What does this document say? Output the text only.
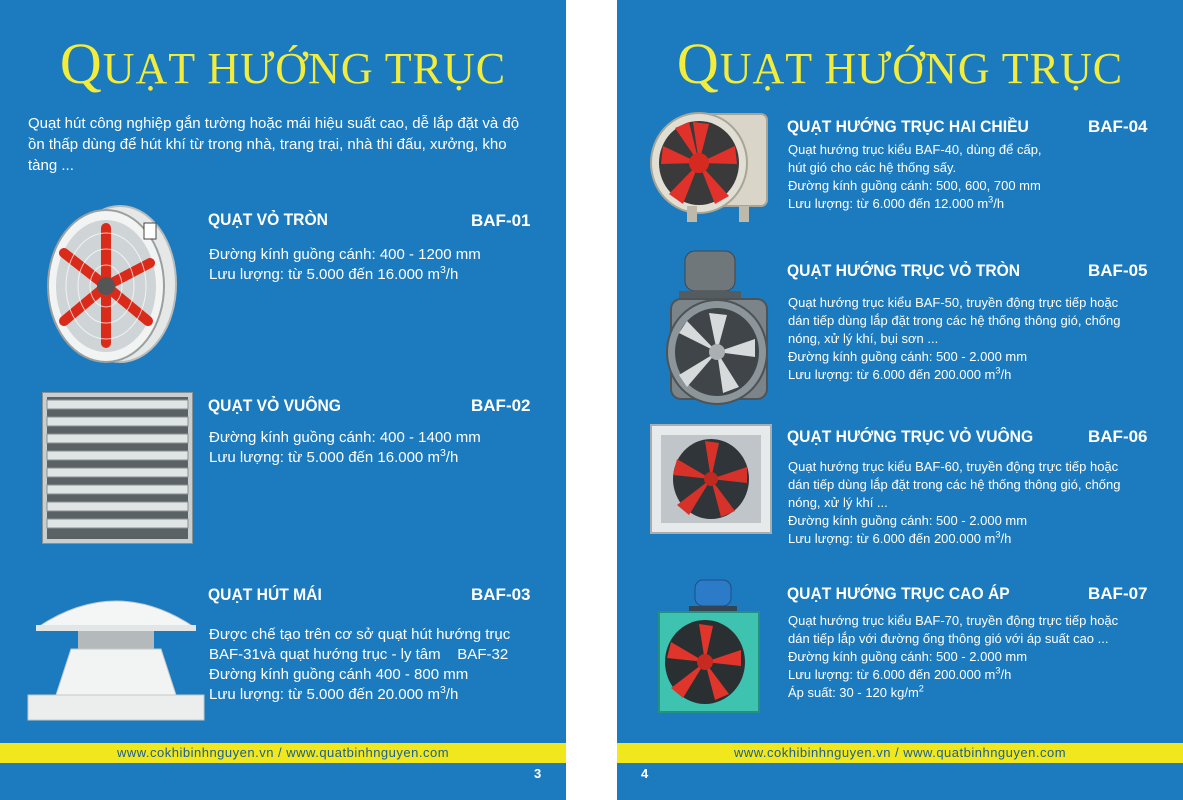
QUẠT HƯỚNG TRỤC
Quạt hút công nghiệp gắn tường hoặc mái hiệu suất cao, dễ lắp đặt và độ ồn thấp dùng để hút khí từ trong nhà, trang trại, nhà thi đấu, xưởng, kho tàng ...
QUẠT VỎ TRÒN	BAF-01
Đường kính guồng cánh: 400 - 1200 mm
Lưu lượng: từ 5.000 đến 16.000 $m^3/h$
QUẠT VỎ VUÔNG	BAF-02
Đường kính guồng cánh: 400 - 1400 mm
Lưu lượng: từ 5.000 đến 16.000 $m^3/h$
QUẠT HÚT MÁI	BAF-03
Được chế tạo trên cơ sở quạt hút hướng trục
BAF-31và quạt hướng trục - ly tâm    BAF-32
Đường kính guồng cánh 400 - 800 mm
Lưu lượng: từ 5.000 đến 20.000 $m^3/h$
www.cokhibinhnguyen.vn / www.quatbinhnguyen.com
3
QUẠT HƯỚNG TRỤC
QUẠT HƯỚNG TRỤC HAI CHIỀU	BAF-04
Quạt hướng trục kiểu BAF-40, dùng để cấp,
hút gió cho các hệ thống sấy.
Đường kính guồng cánh: 500, 600, 700 mm
Lưu lượng: từ 6.000 đến 12.000 $m^3/h$
QUẠT HƯỚNG TRỤC VỎ TRÒN	BAF-05
Quạt hướng trục kiểu BAF-50, truyền động trực tiếp hoặc
dán tiếp dùng lắp đặt trong các hệ thống thông gió, chống
nóng, xử lý khí, bụi sơn ...
Đường kính guồng cánh: 500 - 2.000 mm
Lưu lượng: từ 6.000 đến 200.000 $m^3/h$
QUẠT HƯỚNG TRỤC VỎ VUÔNG	BAF-06
Quạt hướng trục kiểu BAF-60, truyền động trực tiếp hoặc
dán tiếp dùng lắp đặt trong các hệ thống thông gió, chống
nóng, xử lý khí ...
Đường kính guồng cánh: 500 - 2.000 mm
Lưu lượng: từ 6.000 đến 200.000 $m^3/h$
QUẠT HƯỚNG TRỤC CAO ÁP	BAF-07
Quạt hướng trục kiểu BAF-70, truyền động trực tiếp hoặc
dán tiếp lắp với đường ống thông gió với áp suất cao ...
Đường kính guồng cánh: 500 - 2.000 mm
Lưu lượng: từ 6.000 đến 200.000 $m^3/h$
Áp suất: 30 - 120 $kg/m^2$
www.cokhibinhnguyen.vn / www.quatbinhnguyen.com
4
